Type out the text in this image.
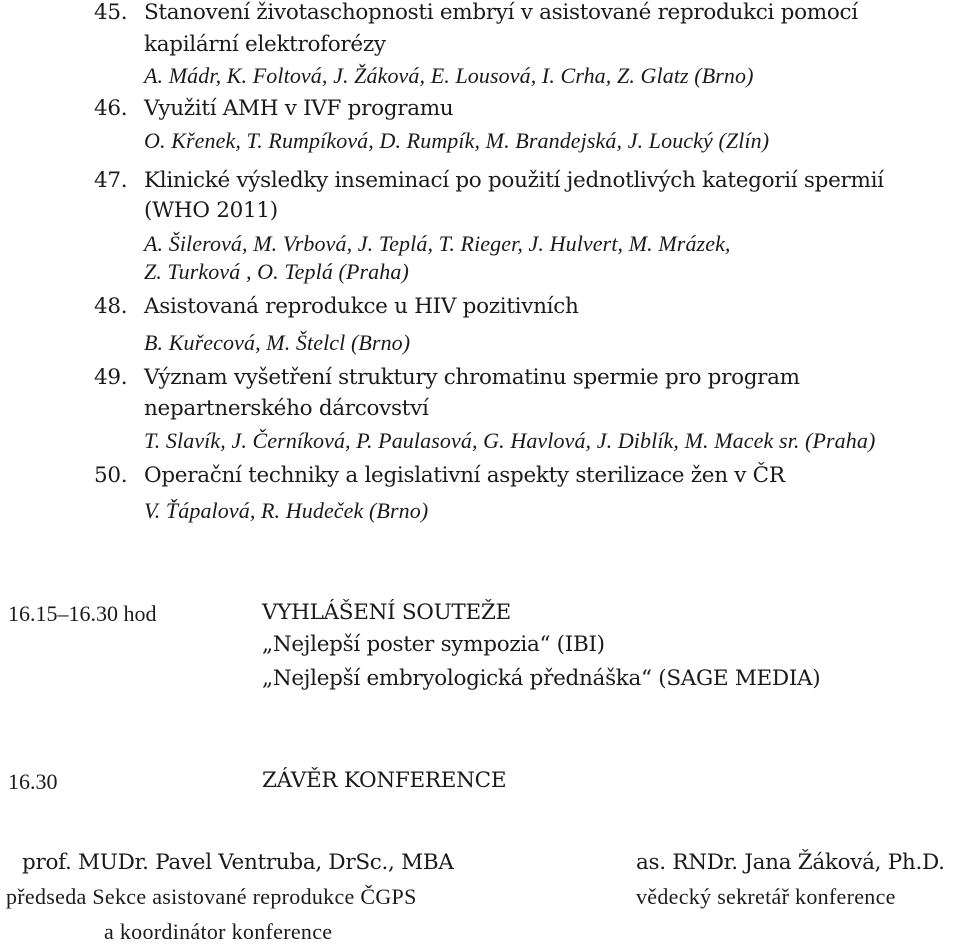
45. Stanovení životaschopnosti embryí v asistované reprodukci pomocí
kapilární elektroforézy
A. Mádr, K. Foltová, J. Žáková, E. Lousová, I. Crha, Z. Glatz (Brno)
46. Využití AMH v IVF programu
O. Křenek, T. Rumpíková, D. Rumpík, M. Brandejská, J. Loucký (Zlín)
47. Klinické výsledky inseminací po použití jednotlivých kategorií spermií
(WHO 2011)
A. Šilerová, M. Vrbová, J. Teplá, T. Rieger, J. Hulvert, M. Mrázek,
Z. Turková , O. Teplá (Praha)
48. Asistovaná reprodukce u HIV pozitivních
B. Kuřecová, M. Štelcl (Brno)
49. Význam vyšetření struktury chromatinu spermie pro program
nepartnerského dárcovství
T. Slavík, J. Černíková, P. Paulasová, G. Havlová, J. Diblík, M. Macek sr. (Praha)
50. Operační techniky a legislativní aspekty sterilizace žen v ČR
V. Ťápalová, R. Hudeček (Brno)
16.15–16.30 hod	VYHLÁŠENÍ SOUTEŽE
„Nejlepší poster sympozia“ (IBI)
„Nejlepší embryologická přednáška“ (SAGE MEDIA)
16.30	ZÁVĚR KONFERENCE
prof. MUDr. Pavel Ventruba, DrSc., MBA
předseda Sekce asistované reprodukce ČGPS
a koordinátor konference
as. RNDr. Jana Žáková, Ph.D.
vědecký sekretář konference
